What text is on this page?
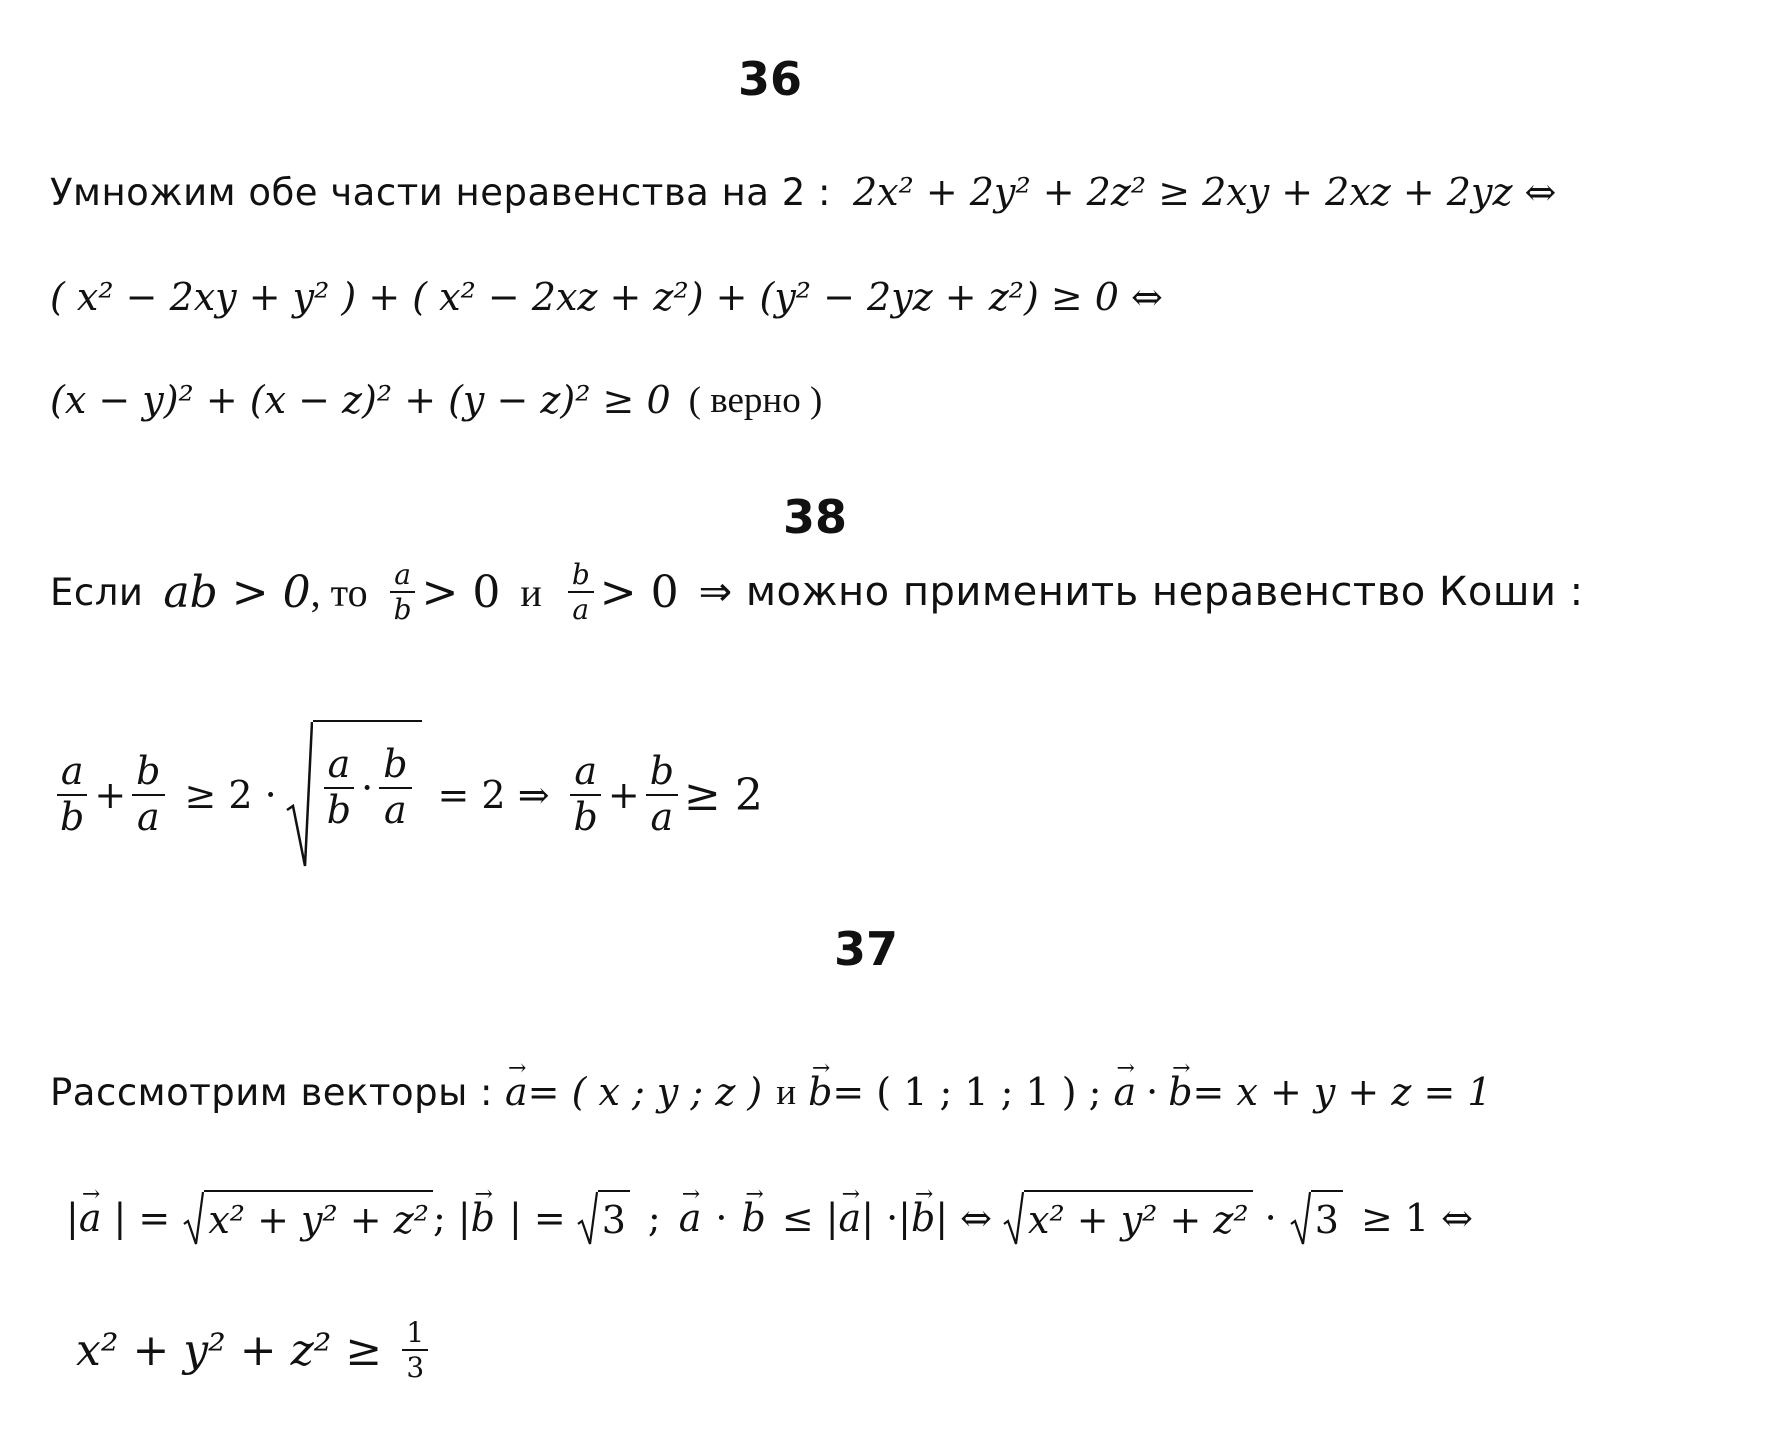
36
Умножим обе части неравенства на 2 : 2x² + 2y² + 2z² ≥ 2xy + 2xz + 2yz ⇔
( x² − 2xy + y² ) + ( x² − 2xz + z²) + (y² − 2yz + z²) ≥ 0 ⇔
(x − y)² + (x − z)² + (y − z)² ≥ 0 ( верно )
38
Если ab > 0 , то $\frac{a}{b} > 0$ и $\frac{b}{a} > 0$ ⇒ можно применить неравенство Коши :
$\frac{a}{b} + \frac{b}{a} \ge 2 \cdot \frac{a}{b} \cdot \frac{b}{a} = 2$ ⇒ $\frac{a}{b} + \frac{b}{a} \ge 2$
37
Рассмотрим векторы : → a = ( x ; y ; z ) и → b = ( 1 ; 1 ; 1 ) ; → a · → b = x + y + z = 1
| → a | = x² + y² + z² ; | → b | = 3 ; → a · → b ≤ | → a | ·| → b | ⇔ x² + y² + z² · 3 ≥ 1 ⇔
$x^2 + y^2 + z^2 \ge \frac{1}{3}$
